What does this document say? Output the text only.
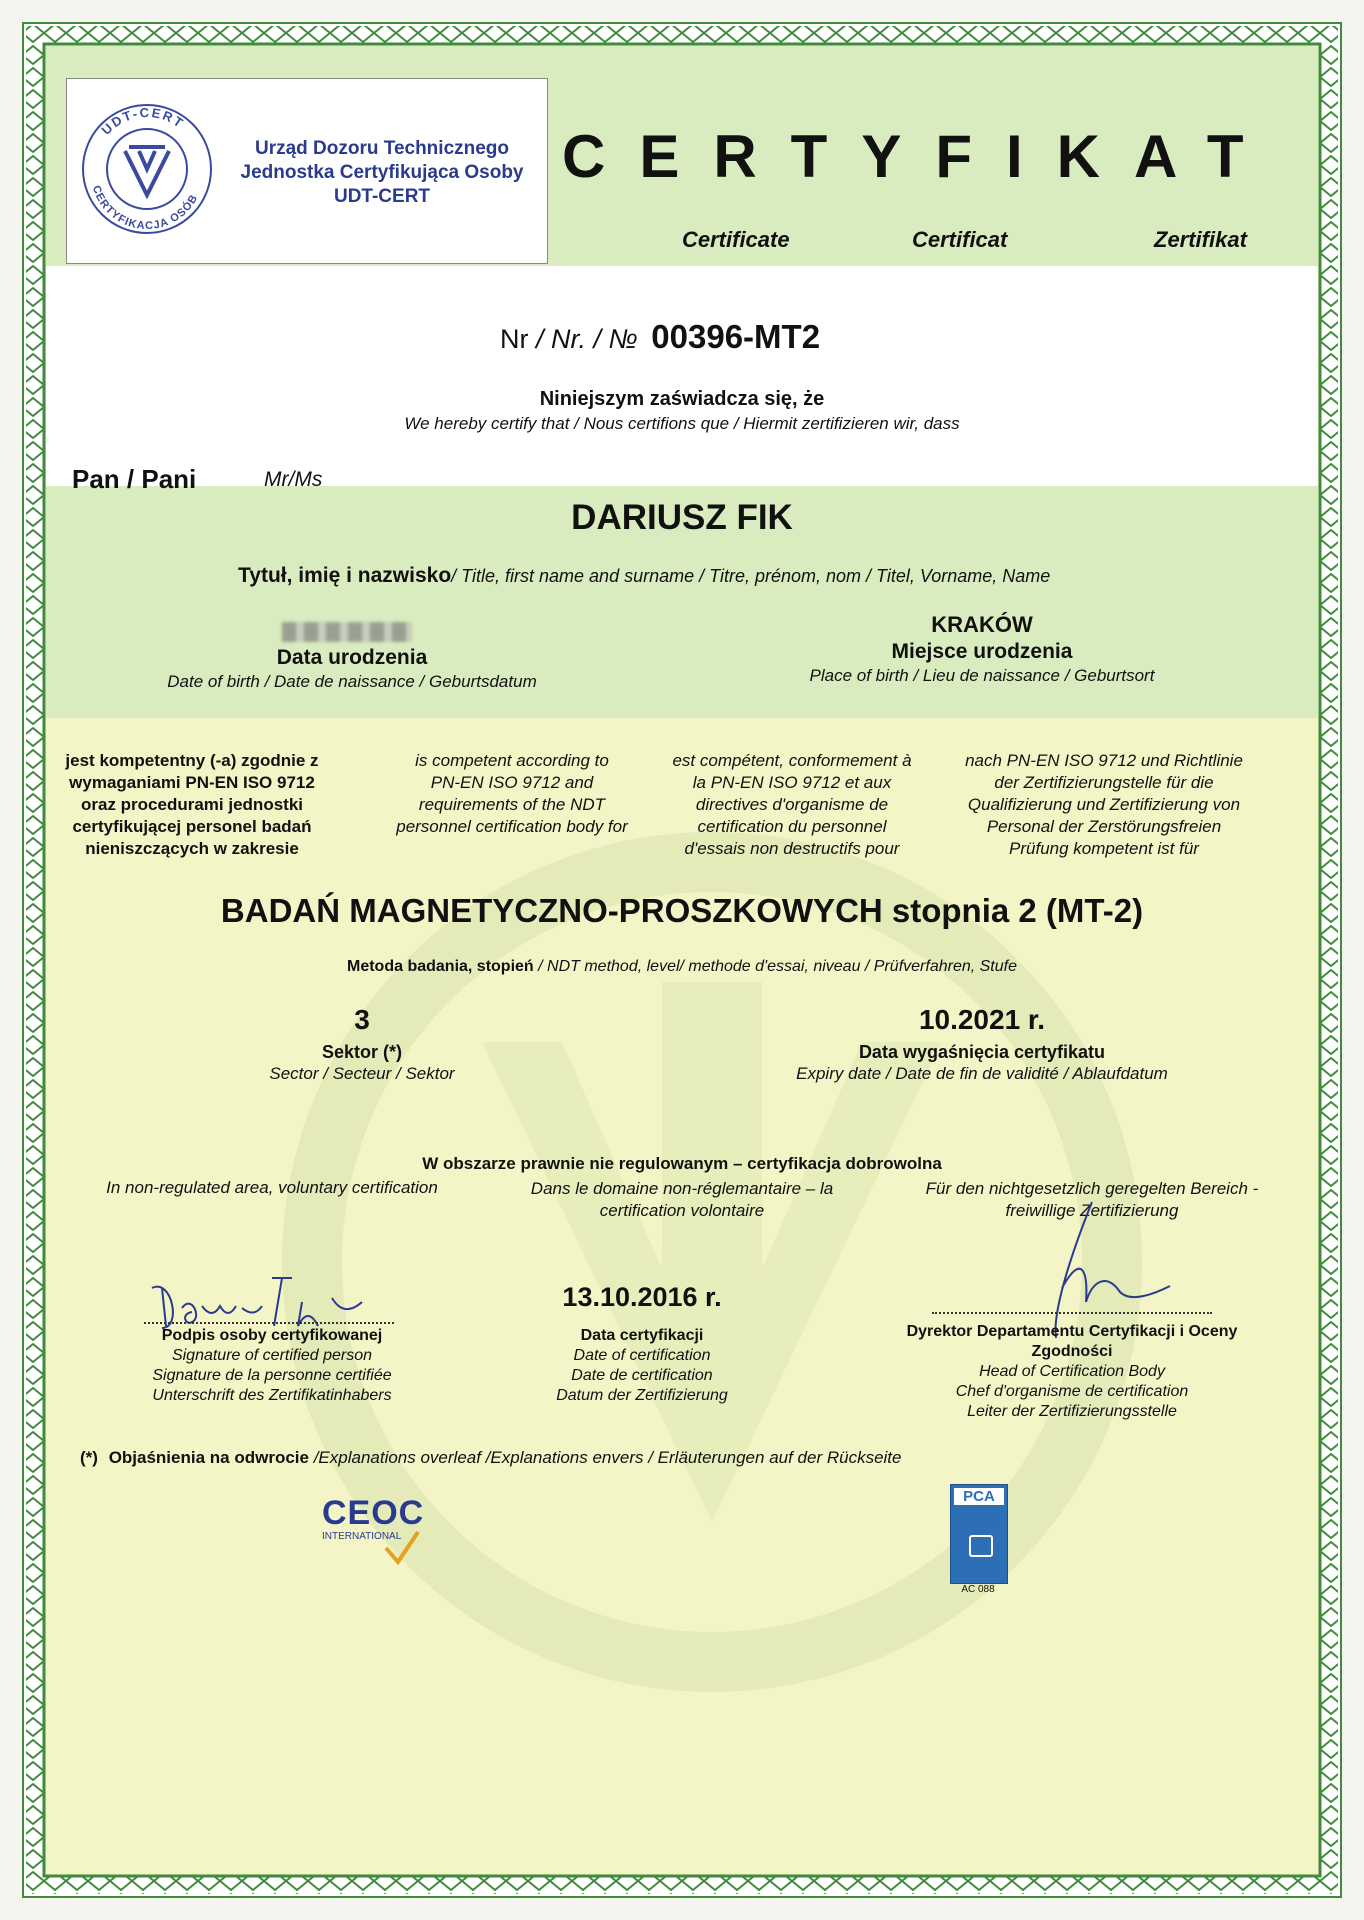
UDT-CERT
CERTYFIKACJA OSÓB
Urząd Dozoru Technicznego
Jednostka Certyfikująca Osoby
UDT-CERT
CERTYFIKAT
Certificate	Certificat	Zertifikat
Nr / Nr. / № 00396-MT2
Niniejszym zaświadcza się, że
We hereby certify that / Nous certifions que / Hiermit zertifizieren wir, dass
Pan / Pani	Mr/Ms
DARIUSZ FIK
Tytuł, imię i nazwisko/ Title, first name and surname / Titre, prénom, nom / Titel, Vorname, Name
Data urodzenia
Date of birth / Date de naissance / Geburtsdatum
KRAKÓW
Miejsce urodzenia
Place of birth / Lieu de naissance / Geburtsort
jest kompetentny (-a) zgodnie z
wymaganiami PN-EN ISO 9712
oraz procedurami jednostki
certyfikującej personel badań
nieniszczących w zakresie
is competent according to
PN-EN ISO 9712 and
requirements of the NDT
personnel certification body for
est compétent, conformement à
la PN-EN ISO 9712 et aux
directives d'organisme de
certification du personnel
d'essais non destructifs pour
nach PN-EN ISO 9712 und Richtlinie
der Zertifizierungstelle für die
Qualifizierung und Zertifizierung von
Personal der Zerstörungsfreien
Prüfung kompetent ist für
BADAŃ MAGNETYCZNO-PROSZKOWYCH stopnia 2 (MT-2)
Metoda badania, stopień / NDT method, level/ methode d'essai, niveau / Prüfverfahren, Stufe
3
Sektor (*)
Sector / Secteur / Sektor
10.2021 r.
Data wygaśnięcia certyfikatu
Expiry date / Date de fin de validité / Ablaufdatum
W obszarze prawnie nie regulowanym – certyfikacja dobrowolna
In non-regulated area, voluntary certification	Dans le domaine non-réglemantaire – la
certification volontaire
Für den nichtgesetzlich geregelten Bereich -
freiwillige Zertifizierung
Podpis osoby certyfikowanej
Signature of certified person
Signature de la personne certifiée
Unterschrift des Zertifikatinhabers
13.10.2016 r.
Data certyfikacji
Date of certification
Date de certification
Datum der Zertifizierung
Dyrektor Departamentu Certyfikacji i Oceny
Zgodności
Head of Certification Body
Chef d'organisme de certification
Leiter der Zertifizierungsstelle
(*) Objaśnienia na odwrocie /Explanations overleaf /Explanations envers / Erläuterungen auf der Rückseite
CEOC
INTERNATIONAL
PCA
AC 088
